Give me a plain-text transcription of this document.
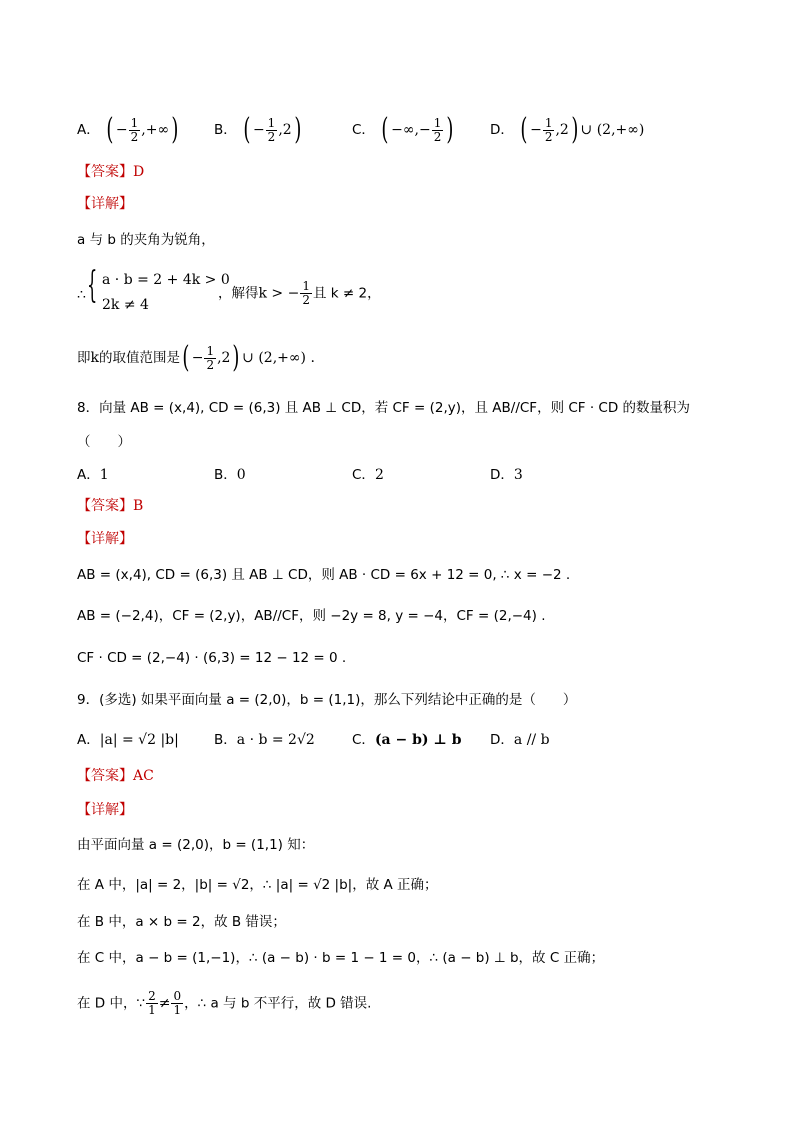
A． ( − $\frac{1}{2}$ ,+∞)	B． ( − $\frac{1}{2} ,2$)	C． ( −∞,− $\frac{1}{2}$ )	D． ( − $\frac{1}{2} ,2$) ∪ (2,+∞)
【答案】D
【详解】
a 与 b 的夹角为锐角，
∴ { a · b = 2 + 4k > 0
2k ≠ 4
，解得k > − $\frac{1}{2}$ 且 k ≠ 2，
即k的取值范围是( − $\frac{1}{2} ,2$) ∪ (2,+∞) .
8．向量 AB = (x,4), CD = (6,3) 且 AB ⊥ CD，若 CF = (2,y)，且 AB//CF，则 CF · CD 的数量积为
（　　）
A．1	B．0	C．2	D．3
【答案】B
【详解】
AB = (x,4), CD = (6,3) 且 AB ⊥ CD，则 AB · CD = 6x + 12 = 0, ∴ x = −2 .
AB = (−2,4)，CF = (2,y)，AB//CF，则 −2y = 8, y = −4，CF = (2,−4) .
CF · CD = (2,−4) · (6,3) = 12 − 12 = 0 .
9．(多选) 如果平面向量 a = (2,0)，b = (1,1)，那么下列结论中正确的是（　　）
A．|a| = √2 |b|	B．a · b = 2√2	C．(a − b) ⊥ b D．a // b
【答案】AC
【详解】
由平面向量 a = (2,0)，b = (1,1) 知：
在 A 中，|a| = 2，|b| = √2，∴ |a| = √2 |b|，故 A 正确；
在 B 中，a × b = 2，故 B 错误；
在 C 中，a − b = (1,−1)，∴ (a − b) · b = 1 − 1 = 0，∴ (a − b) ⊥ b，故 C 正确；
在 D 中，∵ $\frac{2}{1} \ne \frac{0}{1}$ ，∴ a 与 b 不平行，故 D 错误.
